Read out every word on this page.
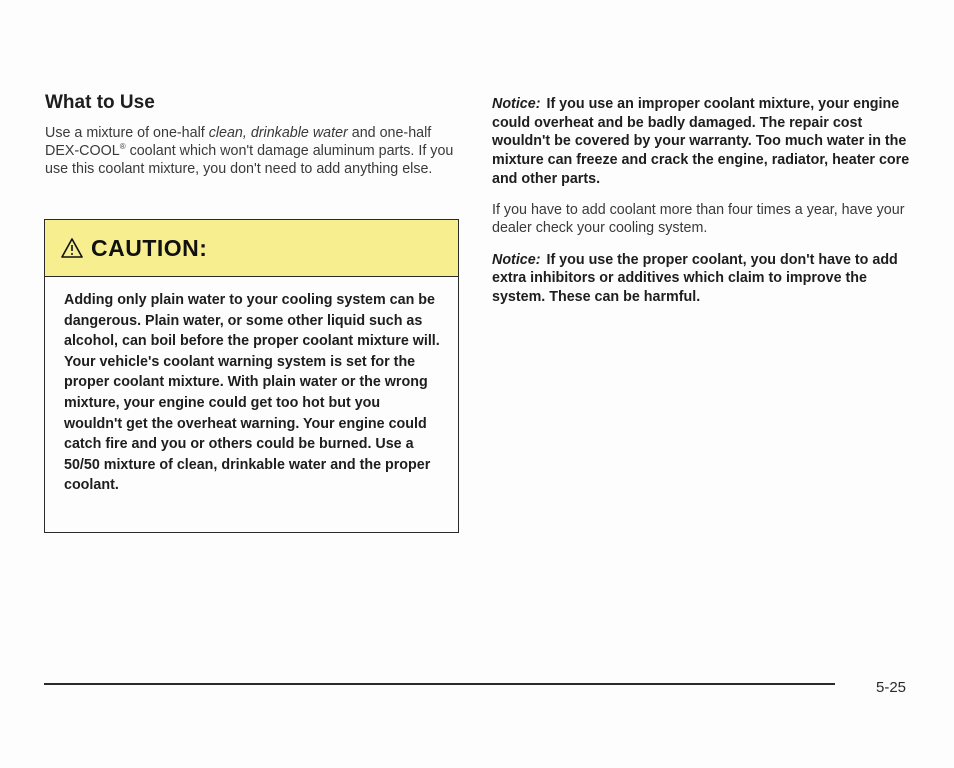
What to Use

Use a mixture of one-half clean, drinkable water and one-half DEX-COOL® coolant which won't damage aluminum parts. If you use this coolant mixture, you don't need to add anything else.

CAUTION:
Adding only plain water to your cooling system can be dangerous. Plain water, or some other liquid such as alcohol, can boil before the proper coolant mixture will. Your vehicle's coolant warning system is set for the proper coolant mixture. With plain water or the wrong mixture, your engine could get too hot but you wouldn't get the overheat warning. Your engine could catch fire and you or others could be burned. Use a 50/50 mixture of clean, drinkable water and the proper coolant.

Notice: If you use an improper coolant mixture, your engine could overheat and be badly damaged. The repair cost wouldn't be covered by your warranty. Too much water in the mixture can freeze and crack the engine, radiator, heater core and other parts.

If you have to add coolant more than four times a year, have your dealer check your cooling system.

Notice: If you use the proper coolant, you don't have to add extra inhibitors or additives which claim to improve the system. These can be harmful.

5-25
